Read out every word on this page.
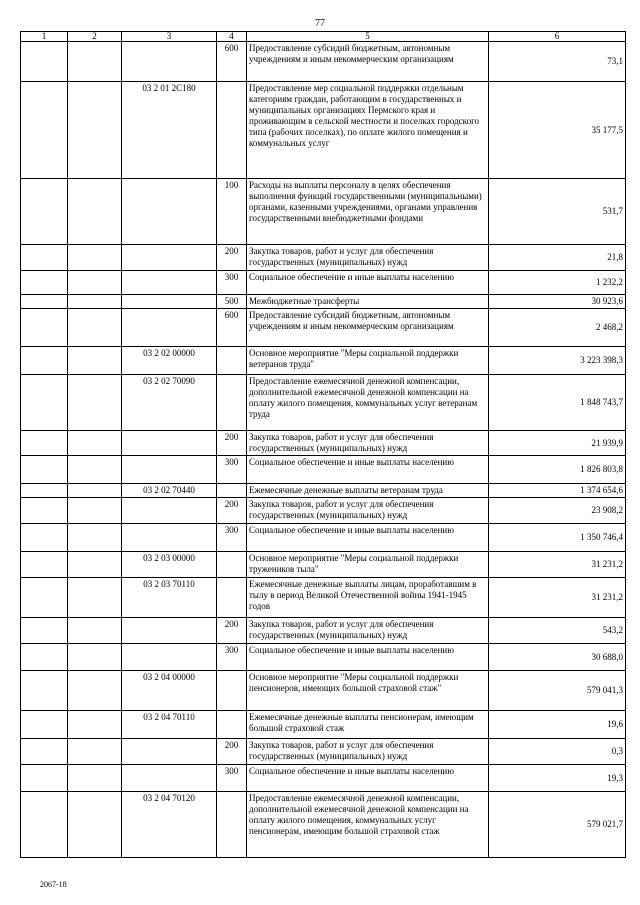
77
1	2	3	4	5	6
			600	Предоставление субсидий бюджетным, автономным учреждениям и иным некоммерческим организациям	73,1
		03 2 01 2С180		Предоставление мер социальной поддержки отдельным категориям граждан, работающим в государственных и муниципальных организациях Пермского края и проживающим в сельской местности и поселках городского типа (рабочих поселках), по оплате жилого помещения и коммунальных услуг	35 177,5
			100	Расходы на выплаты персоналу в целях обеспечения выполнения функций государственными (муниципальными) органами, казенными учреждениями, органами управления государственными внебюджетными фондами	531,7
			200	Закупка товаров, работ и услуг для обеспечения государственных (муниципальных) нужд	21,8
			300	Социальное обеспечение и иные выплаты населению	1 232,2
			500	Межбюджетные трансферты	30 923,6
			600	Предоставление субсидий бюджетным, автономным учреждениям и иным некоммерческим организациям	2 468,2
		03 2 02 00000		Основное мероприятие "Меры социальной поддержки ветеранов труда"	3 223 398,3
		03 2 02 70090		Предоставление ежемесячной денежной компенсации, дополнительной ежемесячной денежной компенсации на оплату жилого помещения, коммунальных услуг ветеранам труда	1 848 743,7
			200	Закупка товаров, работ и услуг для обеспечения государственных (муниципальных) нужд	21 939,9
			300	Социальное обеспечение и иные выплаты населению	1 826 803,8
		03 2 02 70440		Ежемесячные денежные выплаты ветеранам труда	1 374 654,6
			200	Закупка товаров, работ и услуг для обеспечения государственных (муниципальных) нужд	23 908,2
			300	Социальное обеспечение и иные выплаты населению	1 350 746,4
		03 2 03 00000		Основное мероприятие "Меры социальной поддержки тружеников тыла"	31 231,2
		03 2 03 70110		Ежемесячные денежные выплаты лицам, проработавшим в тылу в период Великой Отечественной войны 1941-1945 годов	31 231,2
			200	Закупка товаров, работ и услуг для обеспечения государственных (муниципальных) нужд	543,2
			300	Социальное обеспечение и иные выплаты населению	30 688,0
		03 2 04 00000		Основное мероприятие "Меры социальной поддержки пенсионеров, имеющих большой страховой стаж"	579 041,3
		03 2 04 70110		Ежемесячные денежные выплаты пенсионерам, имеющим большой страховой стаж	19,6
			200	Закупка товаров, работ и услуг для обеспечения государственных (муниципальных) нужд	0,3
			300	Социальное обеспечение и иные выплаты населению	19,3
		03 2 04 70120		Предоставление ежемесячной денежной компенсации, дополнительной ежемесячной денежной компенсации на оплату жилого помещения, коммунальных услуг пенсионерам, имеющим большой страховой стаж	579 021,7
2067-18
